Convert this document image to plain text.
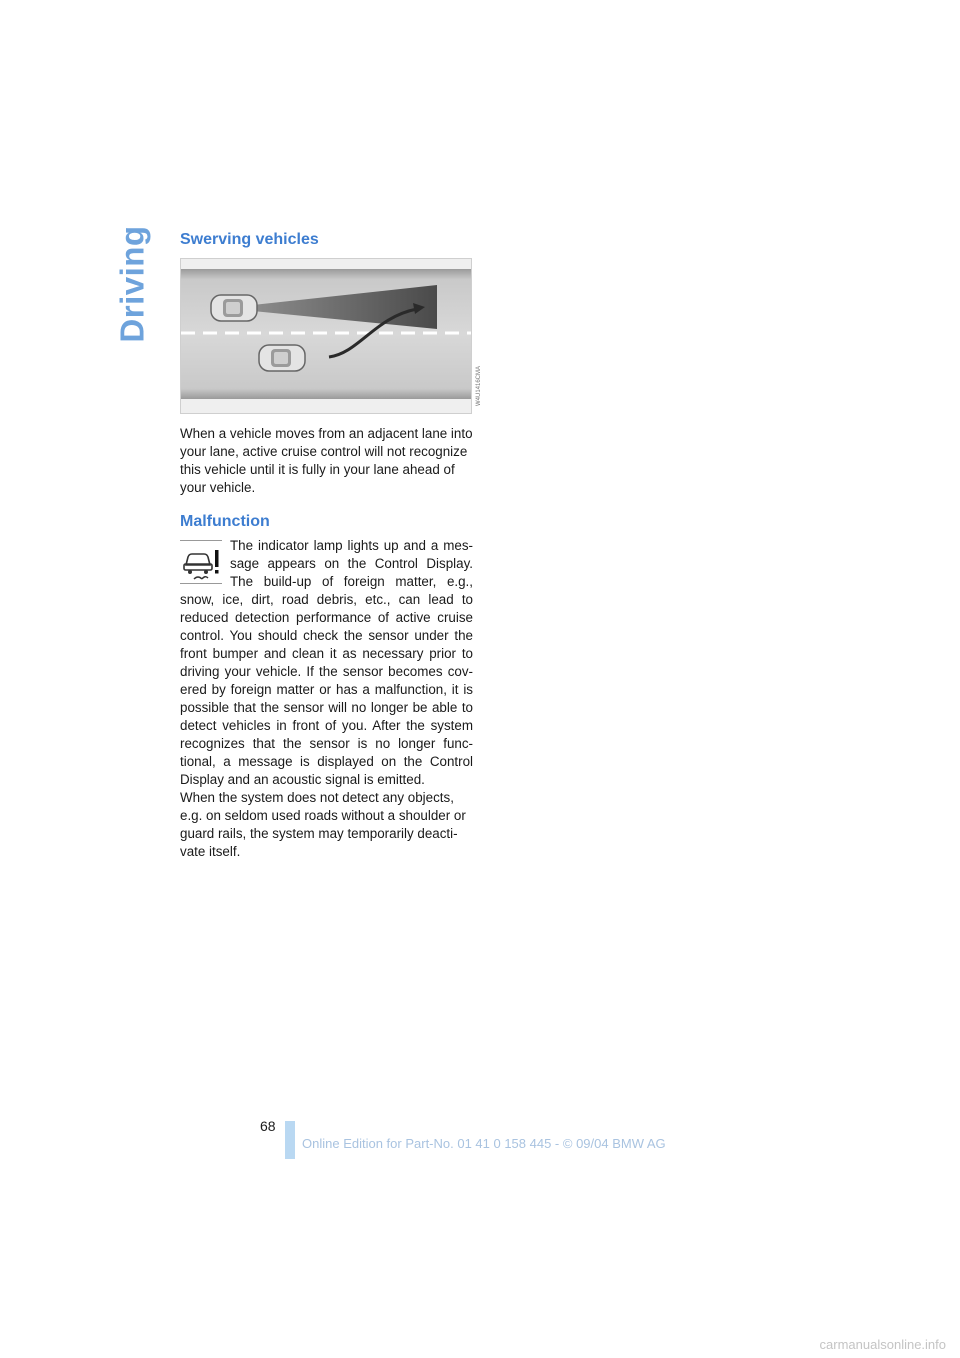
Driving Swerving vehicles
W4U1416CMA

When a vehicle moves from an adjacent lane into your lane, active cruise control will not recognize this vehicle until it is fully in your lane ahead of your vehicle.

Malfunction
The indicator lamp lights up and a mes-sage appears on the Control Display. The build-up of foreign matter, e.g., snow, ice, dirt, road debris, etc., can lead to reduced detection performance of active cruise control. You should check the sensor under the front bumper and clean it as necessary prior to driving your vehicle. If the sensor becomes cov-ered by foreign matter or has a malfunction, it is possible that the sensor will no longer be able to detect vehicles in front of you. After the system recognizes that the sensor is no longer func-tional, a message is displayed on the Control Display and an acoustic signal is emitted.

When the system does not detect any objects, e.g. on seldom used roads without a shoulder or guard rails, the system may temporarily deacti-vate itself.

68
Online Edition for Part-No. 01 41 0 158 445 - © 09/04 BMW AG
carmanualsonline.info
